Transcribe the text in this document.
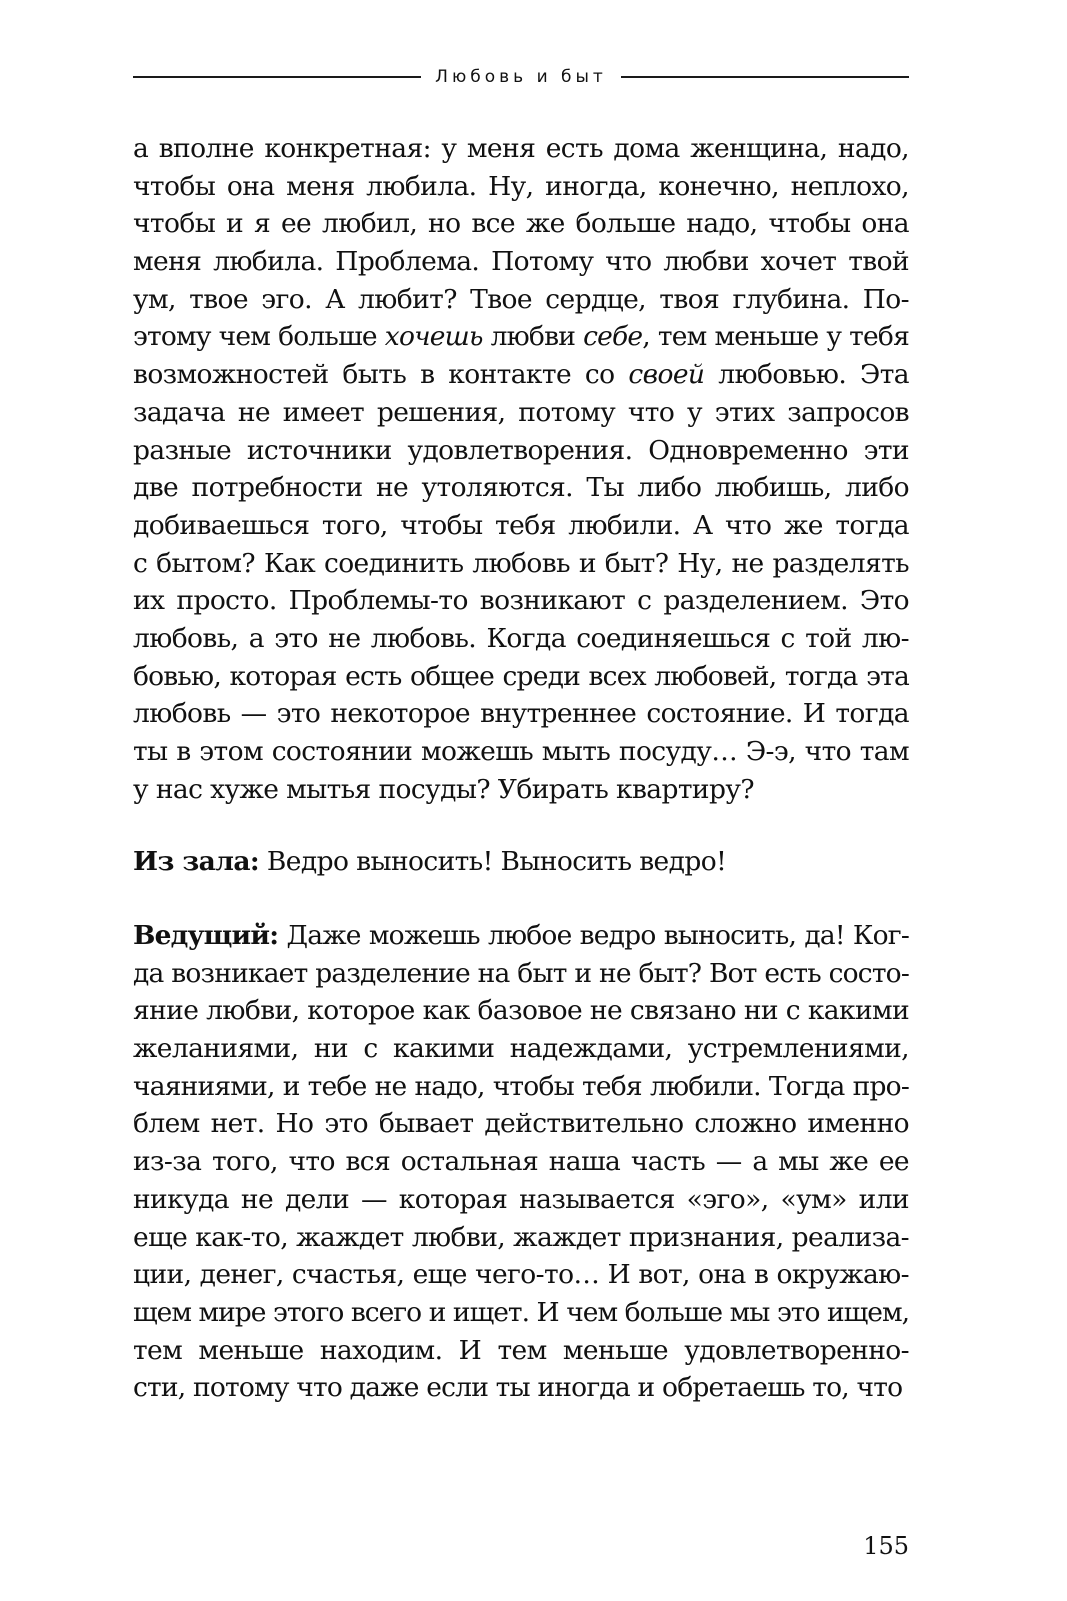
Любовь и быт
а вполне конкретная: у меня есть дома женщина, надо,
чтобы она меня любила. Ну, иногда, конечно, неплохо,
чтобы и я ее любил, но все же больше надо, чтобы она
меня любила. Проблема. Потому что любви хочет твой
ум, твое эго. А любит? Твое сердце, твоя глубина. По-
этому чем больше хочешь любви себе, тем меньше у тебя
возможностей быть в контакте со своей любовью. Эта
задача не имеет решения, потому что у этих запросов
разные источники удовлетворения. Одновременно эти
две потребности не утоляются. Ты либо любишь, либо
добиваешься того, чтобы тебя любили. А что же тогда
с бытом? Как соединить любовь и быт? Ну, не разделять
их просто. Проблемы-то возникают с разделением. Это
любовь, а это не любовь. Когда соединяешься с той лю-
бовью, которая есть общее среди всех любовей, тогда эта
любовь — это некоторое внутреннее состояние. И тогда
ты в этом состоянии можешь мыть посуду… Э-э, что там
у нас хуже мытья посуды? Убирать квартиру?
Из зала: Ведро выносить! Выносить ведро!
Ведущий: Даже можешь любое ведро выносить, да! Ког-
да возникает разделение на быт и не быт? Вот есть состо-
яние любви, которое как базовое не связано ни с какими
желаниями, ни с какими надеждами, устремлениями,
чаяниями, и тебе не надо, чтобы тебя любили. Тогда про-
блем нет. Но это бывает действительно сложно именно
из-за того, что вся остальная наша часть — а мы же ее
никуда не дели — которая называется «эго», «ум» или
еще как-то, жаждет любви, жаждет признания, реализа-
ции, денег, счастья, еще чего-то… И вот, она в окружаю-
щем мире этого всего и ищет. И чем больше мы это ищем,
тем меньше находим. И тем меньше удовлетворенно-
сти, потому что даже если ты иногда и обретаешь то, что
155
